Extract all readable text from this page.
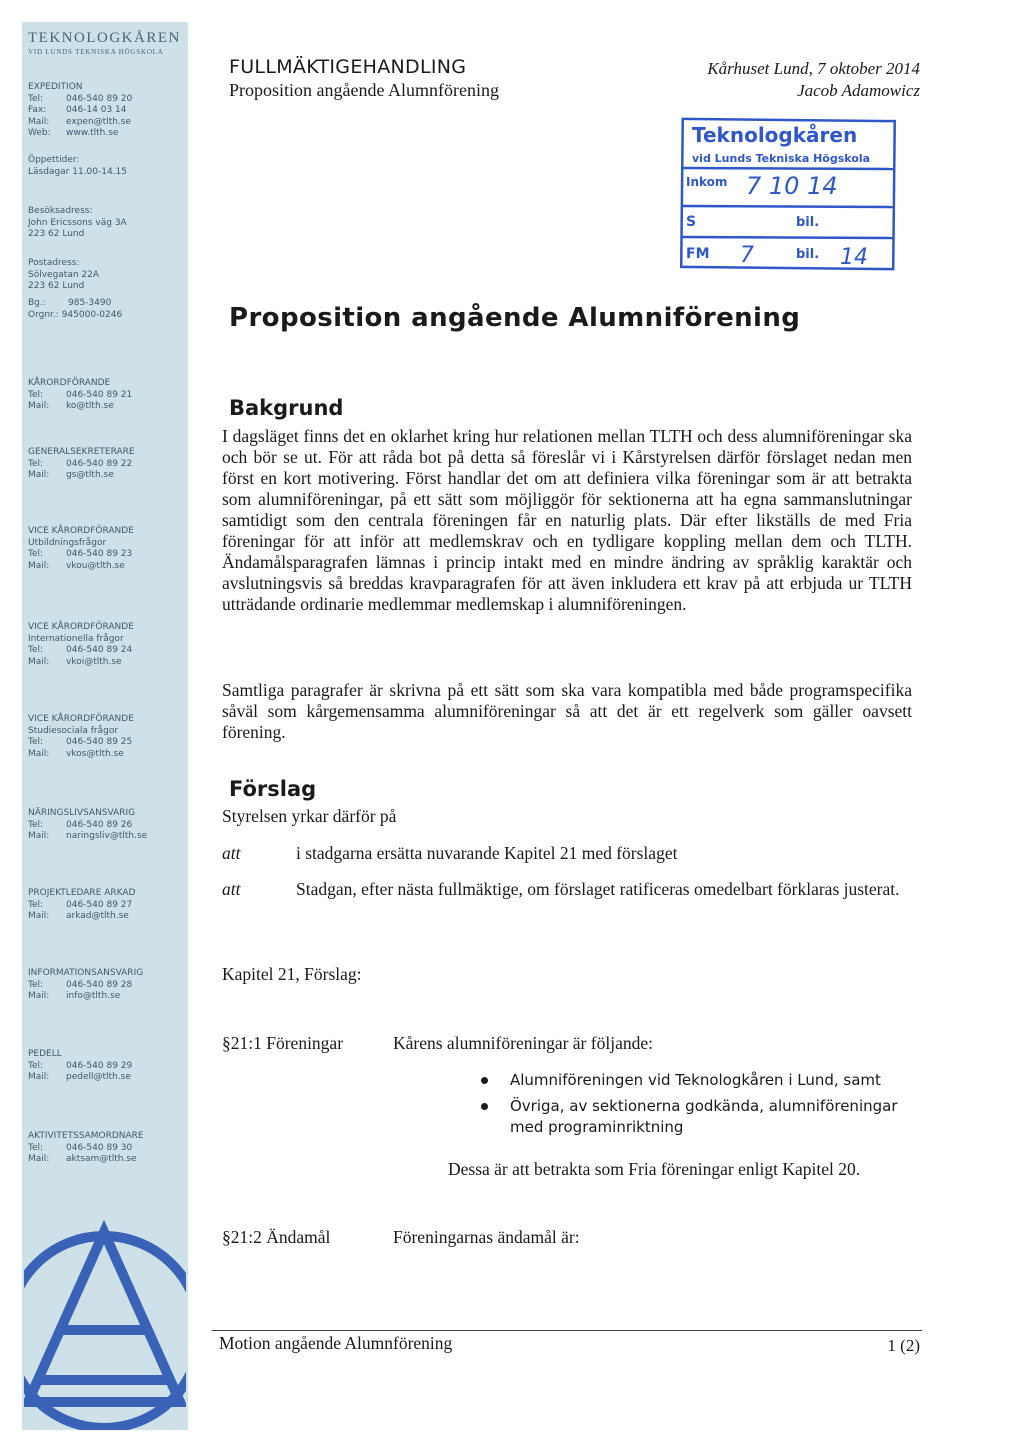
TEKNOLOGKÅREN
VID LUNDS TEKNISKA HÖGSKOLA
EXPEDITION
Tel:	046-540 89 20
Fax:	046-14 03 14
Mail:	expen@tlth.se
Web:	www.tlth.se
Öppettider:
Läsdagar 11.00-14.15
Besöksadress:
John Ericssons väg 3A
223 62 Lund
Postadress:
Sölvegatan 22A
223 62 Lund
Bg.:	985-3490
Orgnr.:
945000-0246
KÅRORDFÖRANDE
Tel:	046-540 89 21
Mail:	ko@tlth.se
GENERALSEKRETERARE
Tel:	046-540 89 22
Mail:	gs@tlth.se
VICE KÅRORDFÖRANDE
Utbildningsfrågor
Tel:	046-540 89 23
Mail:	vkou@tlth.se
VICE KÅRORDFÖRANDE
Internationella frågor
Tel:	046-540 89 24
Mail:	vkoi@tlth.se
VICE KÅRORDFÖRANDE
Studiesociala frågor
Tel:	046-540 89 25
Mail:	vkos@tlth.se
NÄRINGSLIVSANSVARIG
Tel:	046-540 89 26
Mail:	naringsliv@tlth.se
PROJEKTLEDARE ARKAD
Tel:	046-540 89 27
Mail:	arkad@tlth.se
INFORMATIONSANSVARIG
Tel:	046-540 89 28
Mail:	info@tlth.se
PEDELL
Tel:	046-540 89 29
Mail:	pedell@tlth.se
AKTIVITETSSAMORDNARE
Tel:	046-540 89 30
Mail:	aktsam@tlth.se
FULLMÄKTIGEHANDLING
Proposition angående Alumnförening
Kårhuset Lund, 7 oktober 2014
Jacob Adamowicz
Teknologkåren
vid Lunds Tekniska Högskola
Inkom 7 10 14
S	bil.
FM 7	bil. 14
Proposition angående Alumniförening
Bakgrund

I dagsläget finns det en oklarhet kring hur relationen mellan TLTH och dess alumniföreningar ska och bör se ut. För att råda bot på detta så föreslår vi i Kårstyrelsen därför förslaget nedan men först en kort motivering. Först handlar det om att definiera vilka föreningar som är att betrakta som alumniföreningar, på ett sätt som möjliggör för sektionerna att ha egna sammanslutningar samtidigt som den centrala föreningen får en naturlig plats. Där efter likställs de med Fria föreningar för att inför att medlemskrav och en tydligare koppling mellan dem och TLTH. Ändamålsparagrafen lämnas i princip intakt med en mindre ändring av språklig karaktär och avslutningsvis så breddas kravparagrafen för att även inkludera ett krav på att erbjuda ur TLTH utträdande ordinarie medlemmar medlemskap i alumniföreningen.

Samtliga paragrafer är skrivna på ett sätt som ska vara kompatibla med både programspecifika såväl som kårgemensamma alumniföreningar så att det är ett regelverk som gäller oavsett förening.

Förslag
Styrelsen yrkar därför på
att	i stadgarna ersätta nuvarande Kapitel 21 med förslaget
att	Stadgan, efter nästa fullmäktige, om förslaget ratificeras omedelbart förklaras justerat.

Kapitel 21, Förslag:
§21:1 Föreningar	Kårens alumniföreningar är följande:
Alumniföreningen vid Teknologkåren i Lund, samt
Övriga, av sektionerna godkända, alumniföreningar med programinriktning
Dessa är att betrakta som Fria föreningar enligt Kapitel 20.
§21:2 Ändamål	Föreningarnas ändamål är:
Motion angående Alumnförening	1 (2)
